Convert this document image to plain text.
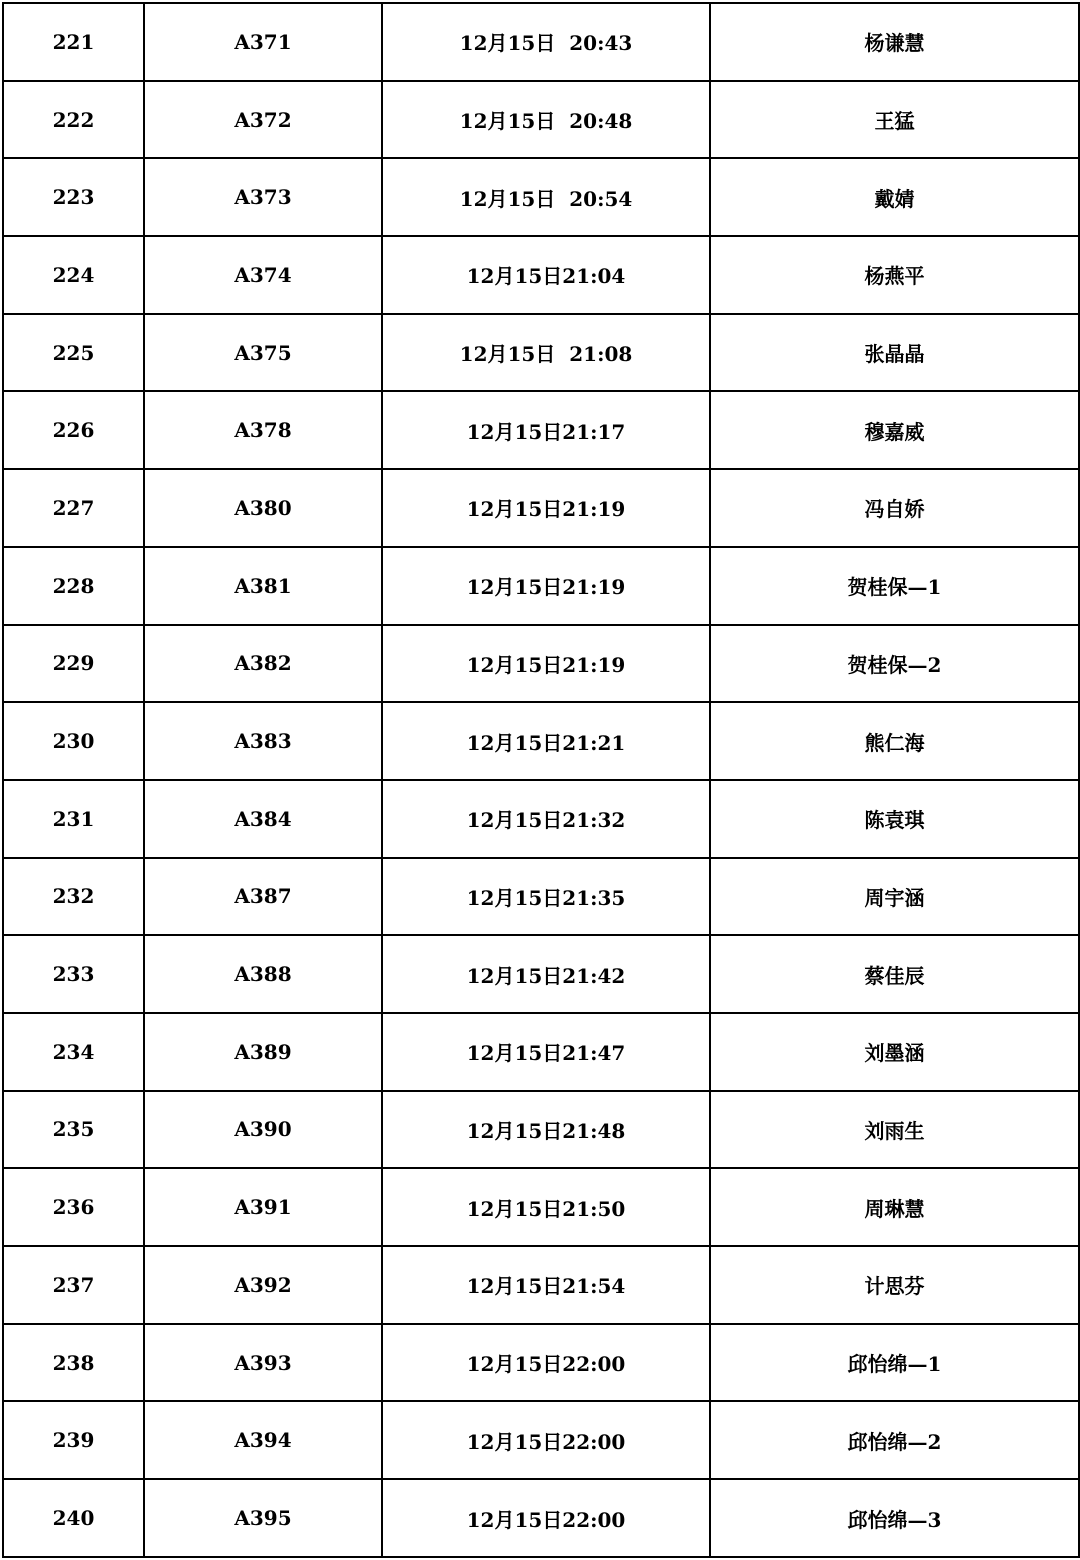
221	A371	12月15日  20:43	杨谦慧
222	A372	12月15日  20:48	王猛
223	A373	12月15日  20:54	戴婧
224	A374	12月15日21:04	杨燕平
225	A375	12月15日  21:08	张晶晶
226	A378	12月15日21:17	穆嘉威
227	A380	12月15日21:19	冯自娇
228	A381	12月15日21:19	贺桂保—1
229	A382	12月15日21:19	贺桂保—2
230	A383	12月15日21:21	熊仁海
231	A384	12月15日21:32	陈袁琪
232	A387	12月15日21:35	周宇涵
233	A388	12月15日21:42	蔡佳辰
234	A389	12月15日21:47	刘墨涵
235	A390	12月15日21:48	刘雨生
236	A391	12月15日21:50	周琳慧
237	A392	12月15日21:54	计思芬
238	A393	12月15日22:00	邱怡绵—1
239	A394	12月15日22:00	邱怡绵—2
240	A395	12月15日22:00	邱怡绵—3
